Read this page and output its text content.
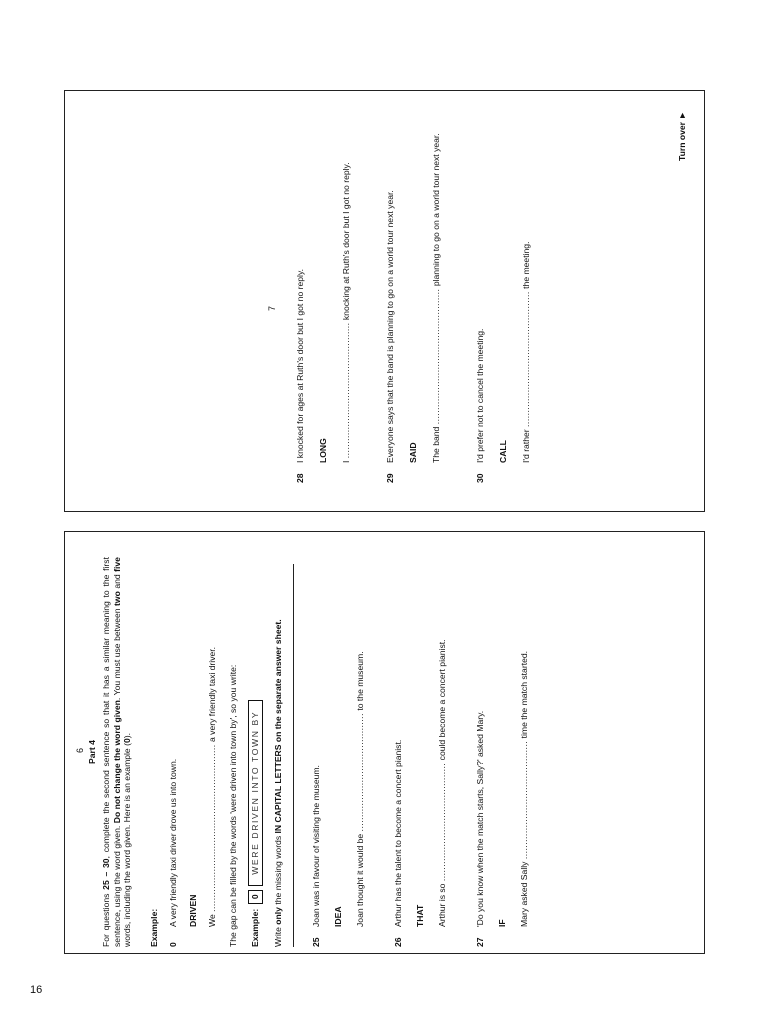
7
28I knocked for ages at Ruth's door but I got no reply. LONG I ............................................... knocking at Ruth's door but I got no reply.
29Everyone says that the band is planning to go on a world tour next year. SAID The band ............................................... planning to go on a world tour next year.
30I'd prefer not to cancel the meeting. CALL I'd rather ............................................... the meeting.
Turn over ►
6 Part 4
For questions 25 – 30, complete the second sentence so that it has a similar meaning to the first sentence, using the word given. Do not change the word given. You must use between two and five words, including the word given. Here is an example (0).
Example: 0A very friendly taxi driver drove us into town. DRIVEN We .......................................................... a very friendly taxi driver. The gap can be filled by the words 'were driven into town by', so you write: Example:
0
WERE DRIVEN INTO TOWN BY
Write only the missing words IN CAPITAL LETTERS on the separate answer sheet.
25Joan was in favour of visiting the museum. IDEA Joan thought it would be ......................................... to the museum.
26Arthur has the talent to become a concert pianist. THAT Arthur is so ......................................... could become a concert pianist.
27'Do you know when the match starts, Sally?' asked Mary. IF Mary asked Sally ......................................... time the match started.
16
